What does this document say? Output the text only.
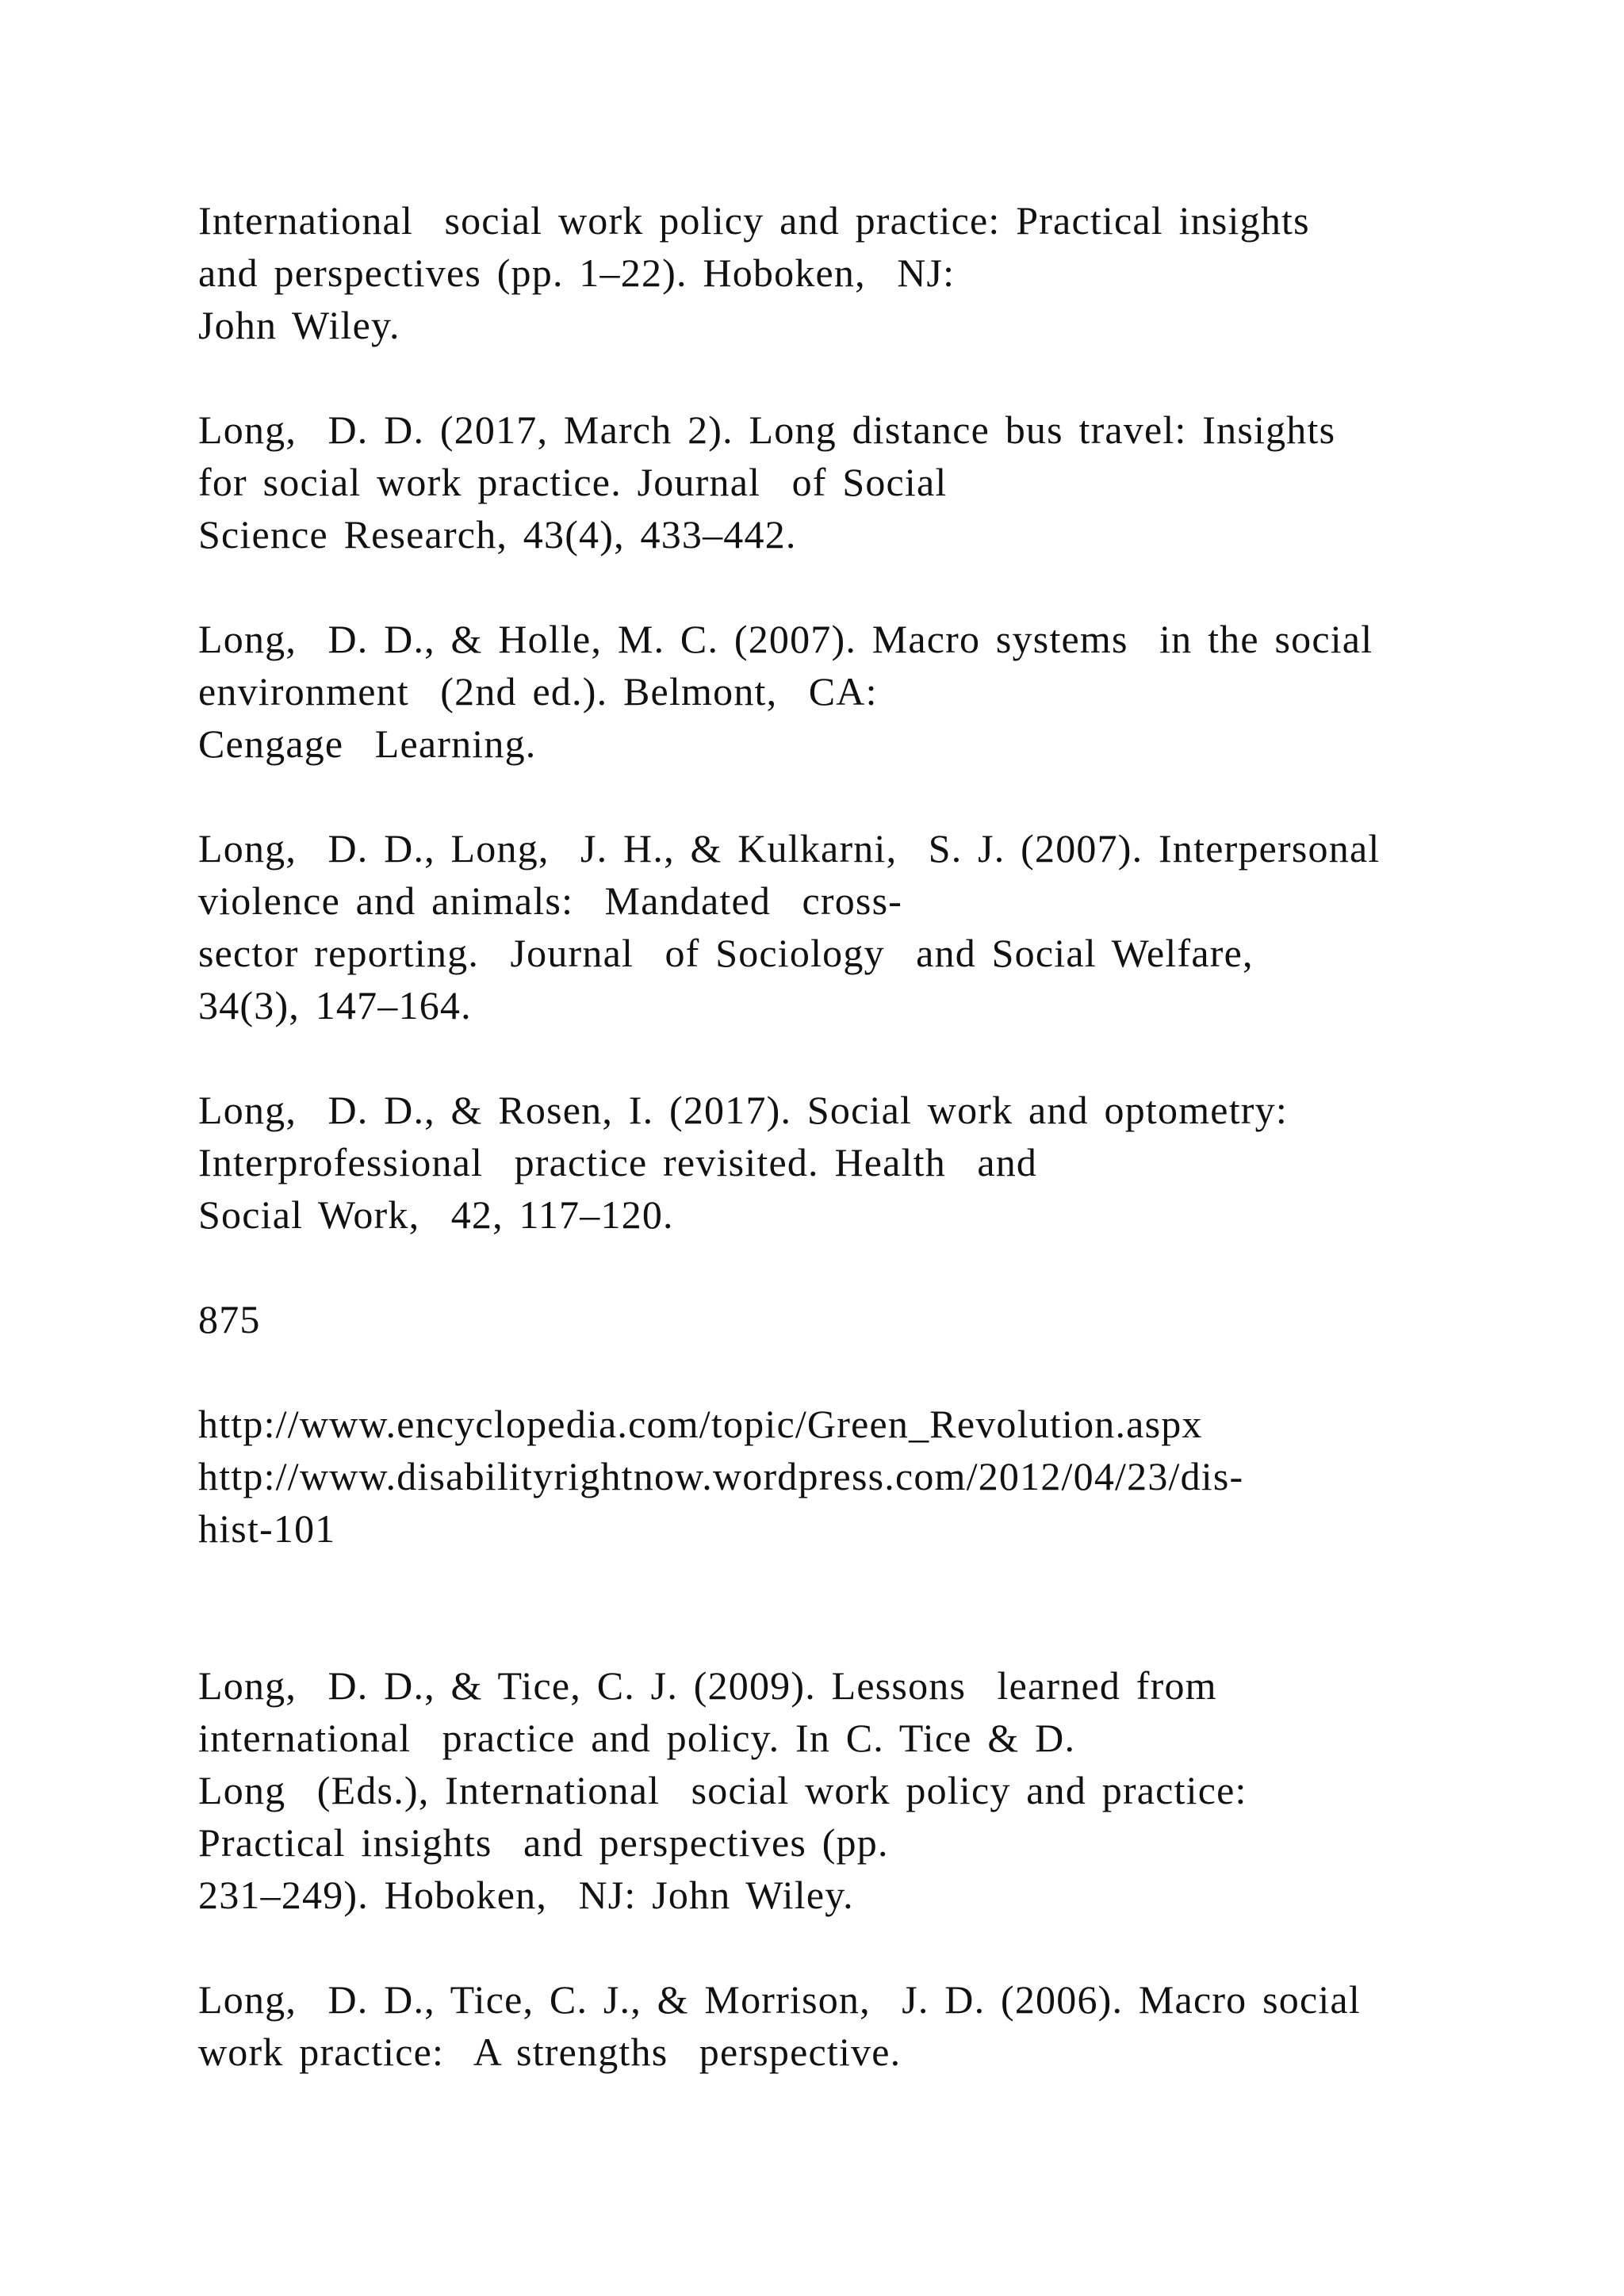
International  social work policy and practice: Practical insights
and perspectives (pp. 1–22). Hoboken,  NJ:
John Wiley.
Long,  D. D. (2017, March 2). Long distance bus travel: Insights
for social work practice. Journal  of Social
Science Research, 43(4), 433–442.
Long,  D. D., & Holle, M. C. (2007). Macro systems  in the social
environment  (2nd ed.). Belmont,  CA:
Cengage  Learning.
Long,  D. D., Long,  J. H., & Kulkarni,  S. J. (2007). Interpersonal
violence and animals:  Mandated  cross-
sector reporting.  Journal  of Sociology  and Social Welfare,
34(3), 147–164.
Long,  D. D., & Rosen, I. (2017). Social work and optometry:
Interprofessional  practice revisited. Health  and
Social Work,  42, 117–120.
875
http://www.encyclopedia.com/topic/Green_Revolution.aspx
http://www.disabilityrightnow.wordpress.com/2012/04/23/dis-
hist-101
Long,  D. D., & Tice, C. J. (2009). Lessons  learned from
international  practice and policy. In C. Tice & D.
Long  (Eds.), International  social work policy and practice:
Practical insights  and perspectives (pp.
231–249). Hoboken,  NJ: John Wiley.
Long,  D. D., Tice, C. J., & Morrison,  J. D. (2006). Macro social
work practice:  A strengths  perspective.
